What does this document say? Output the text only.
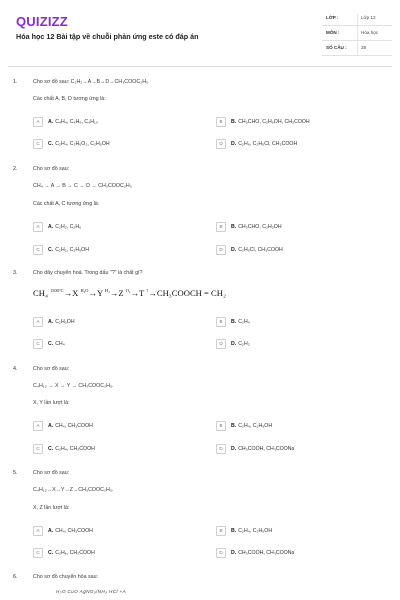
QUIZIZZ
Hóa học 12 Bài tập về chuỗi phản ứng este có đáp án
LỚP :	Lớp 12
MÔN :	Hóa học
SỐ CÂU :	28
1.	Cho sơ đồ sau: C₂H₂→A→B→D→CH₃COOC₂H₅
Các chất A, B, D tương ứng là:
A	A. C₄H₄, C₄H₆, C₄H₁₀	B	B. CH₃CHO, C₂H₅OH, CH₃COOH
C	C. C₂H₄, C₂H₆O₂, C₂H₅OH	D	D. C₂H₆, C₂H₅Cl, CH₃COOH
2.	Cho sơ đồ sau:
CH₄ → A → B → C → D → CH₃COOC₂H₅
Các chất A, C tương ứng là:
A	A. C₂H₂, C₂H₆	B	B. CH₃CHO, C₂H₅OH
C	C. C₂H₂, C₂H₅OH	D	D. C₂H₅Cl, CH₃COOH
3.	Cho dãy chuyển hoá. Trong dấu "?" là chất gì?
CH₄ $^{1500^\circ C}$→X $^{H_2O}$→Y $^{H_2}$→Z $^{O_2}$→T ?→CH₃COOCH = CH₂
A	A. C₂H₅OH	B	B. C₂H₄
C	C. CH₄	D	D. C₂H₂
4.	Cho sơ đồ sau:
C₄H₁₀ → X → Y → CH₃COOC₂H₅.
X, Y lần lượt là:
A	A. CH₄, CH₃COOH	B	B. C₂H₄, C₂H₅OH
C	C. C₂H₄, CH₃COOH	D	D. CH₃COOH, CH₃COONa
5.	Cho sơ đồ sau:
C₄H₁₀→X→Y→Z→CH₃COOC₂H₅.
X, Z lần lượt là:
A	A. CH₄, CH₃COOH	B	B. C₂H₄, C₂H₅OH
C	C. C₂H₆, CH₃COOH	D	D. CH₃COOH, CH₃COONa
6.	Cho sơ đồ chuyển hóa sau:
H₂O CuO AgNO₃/NH₃ HCl +A
